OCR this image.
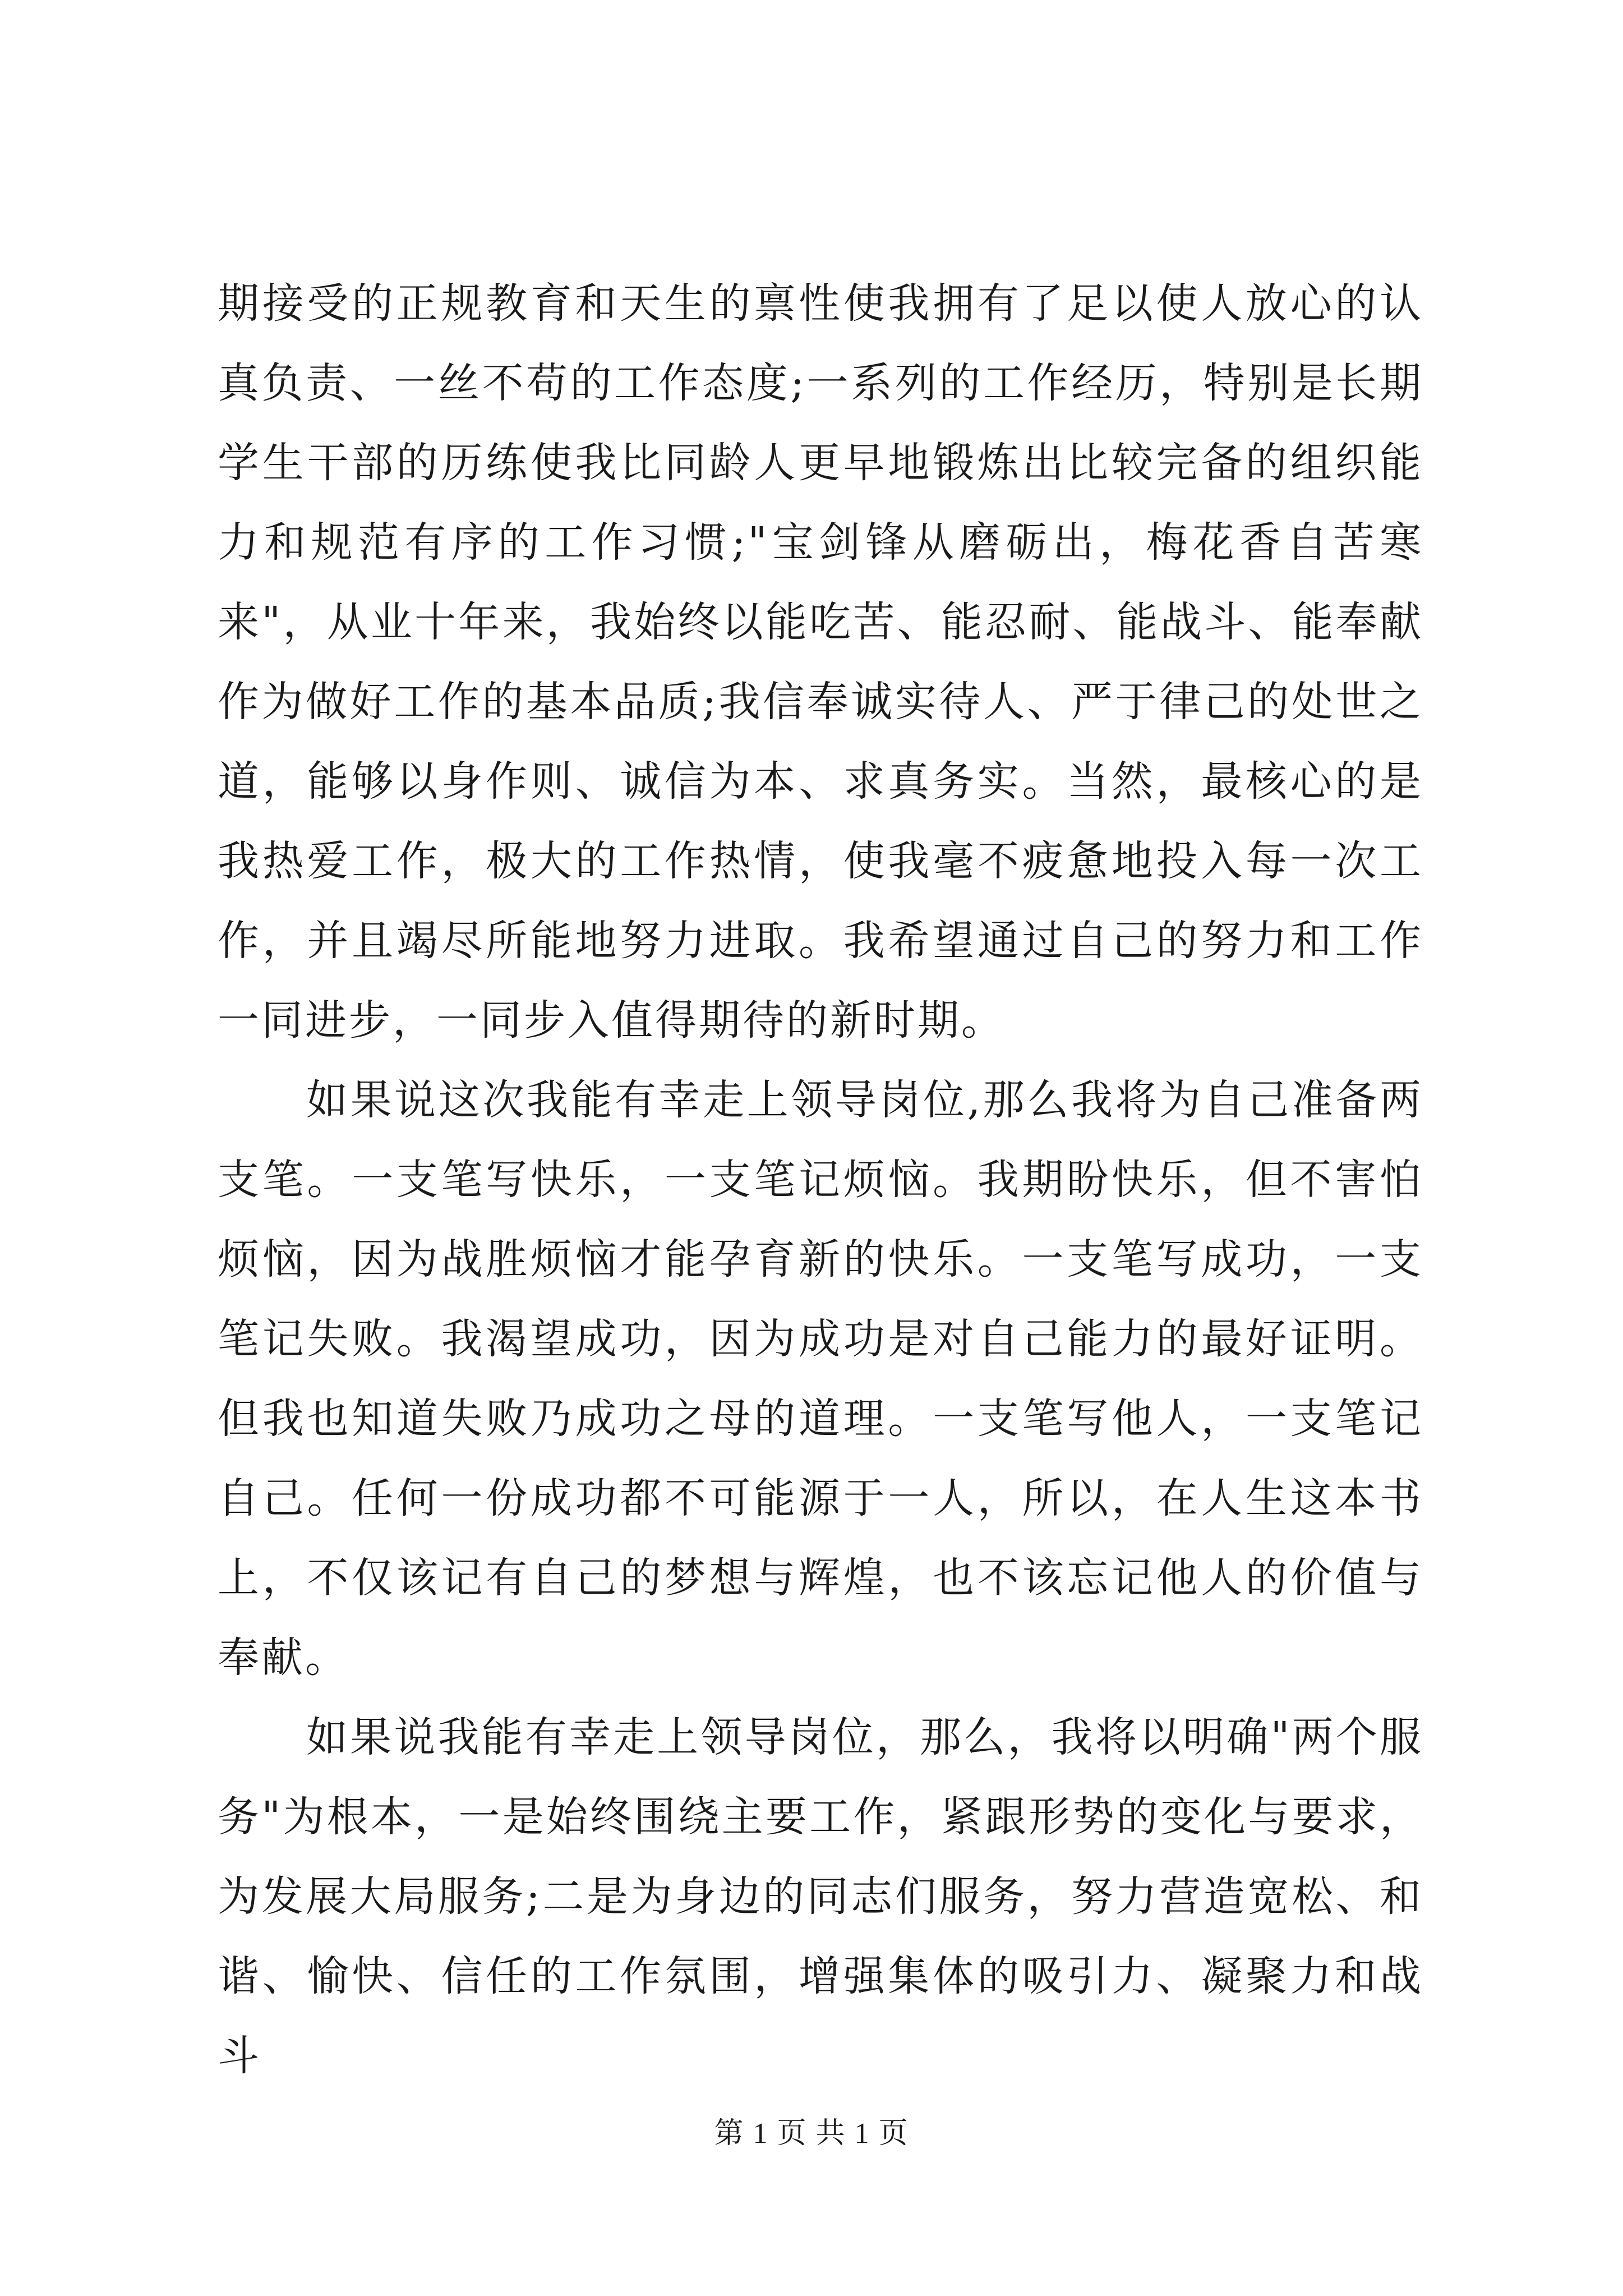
期接受的正规教育和天生的禀性使我拥有了足以使人放心的认真负责、一丝不苟的工作态度;一系列的工作经历，特别是长期学生干部的历练使我比同龄人更早地锻炼出比较完备的组织能力和规范有序的工作习惯;"宝剑锋从磨砺出，梅花香自苦寒来"，从业十年来，我始终以能吃苦、能忍耐、能战斗、能奉献作为做好工作的基本品质;我信奉诚实待人、严于律己的处世之道，能够以身作则、诚信为本、求真务实。当然，最核心的是我热爱工作，极大的工作热情，使我毫不疲惫地投入每一次工作，并且竭尽所能地努力进取。我希望通过自己的努力和工作一同进步，一同步入值得期待的新时期。

如果说这次我能有幸走上领导岗位,那么我将为自己准备两支笔。一支笔写快乐，一支笔记烦恼。我期盼快乐，但不害怕烦恼，因为战胜烦恼才能孕育新的快乐。一支笔写成功，一支笔记失败。我渴望成功，因为成功是对自己能力的最好证明。但我也知道失败乃成功之母的道理。一支笔写他人，一支笔记自己。任何一份成功都不可能源于一人，所以，在人生这本书上，不仅该记有自己的梦想与辉煌，也不该忘记他人的价值与奉献。

如果说我能有幸走上领导岗位，那么，我将以明确"两个服务"为根本，一是始终围绕主要工作，紧跟形势的变化与要求，为发展大局服务;二是为身边的同志们服务，努力营造宽松、和谐、愉快、信任的工作氛围，增强集体的吸引力、凝聚力和战斗

第 1 页 共 1 页
